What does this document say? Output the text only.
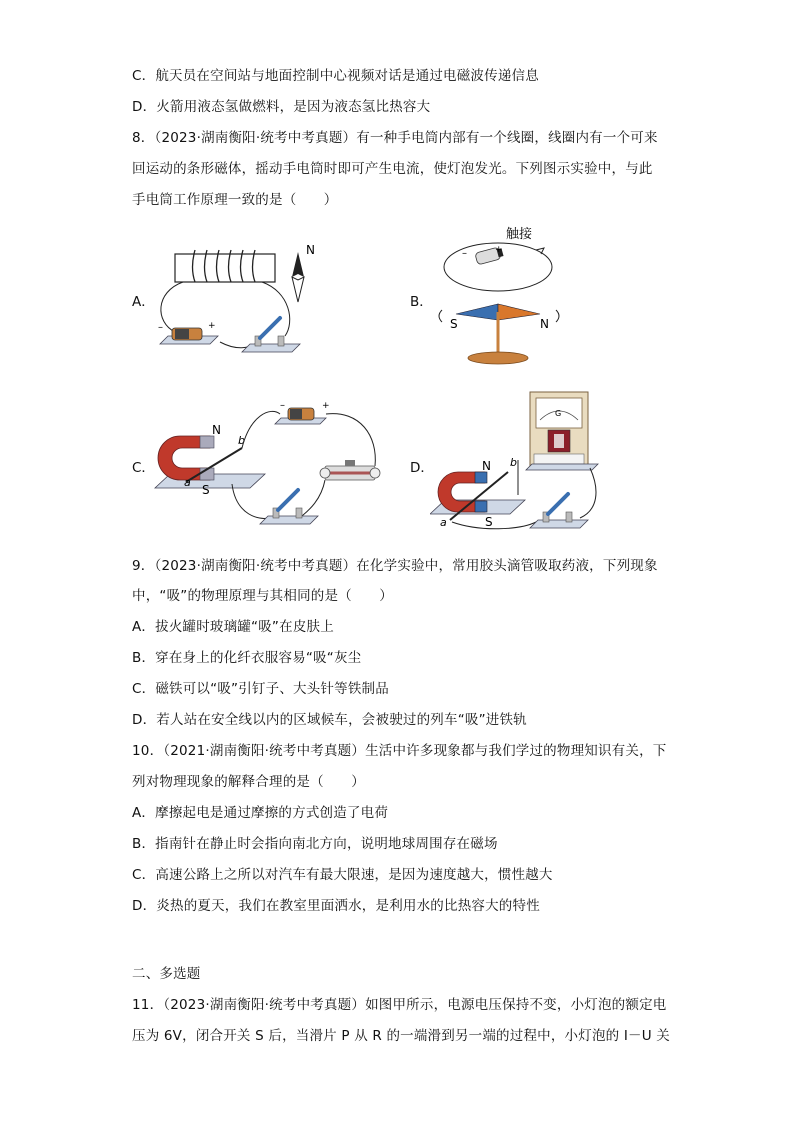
C．航天员在空间站与地面控制中心视频对话是通过电磁波传递信息
D．火箭用液态氢做燃料，是因为液态氢比热容大
8．（2023·湖南衡阳·统考中考真题）有一种手电筒内部有一个线圈，线圈内有一个可来
回运动的条形磁体，摇动手电筒时即可产生电流，使灯泡发光。下列图示实验中，与此
手电筒工作原理一致的是（　　）
A．	B．
C．	D．
–	+
N
触接
–	+
S	N
N
S
b
a
–	+
G
N
S
a
b
9．（2023·湖南衡阳·统考中考真题）在化学实验中，常用胶头滴管吸取药液，下列现象
中，“吸”的物理原理与其相同的是（　　）
A．拔火罐时玻璃罐“吸”在皮肤上
B．穿在身上的化纤衣服容易“吸“灰尘
C．磁铁可以“吸”引钉子、大头针等铁制品
D．若人站在安全线以内的区域候车，会被驶过的列车“吸”进铁轨
10．（2021·湖南衡阳·统考中考真题）生活中许多现象都与我们学过的物理知识有关，下
列对物理现象的解释合理的是（　　）
A．摩擦起电是通过摩擦的方式创造了电荷
B．指南针在静止时会指向南北方向，说明地球周围存在磁场
C．高速公路上之所以对汽车有最大限速，是因为速度越大，惯性越大
D．炎热的夏天，我们在教室里面洒水，是利用水的比热容大的特性
二、多选题
11．（2023·湖南衡阳·统考中考真题）如图甲所示，电源电压保持不变，小灯泡的额定电
压为 6V，闭合开关 S 后，当滑片 P 从 R 的一端滑到另一端的过程中，小灯泡的 I－U 关
